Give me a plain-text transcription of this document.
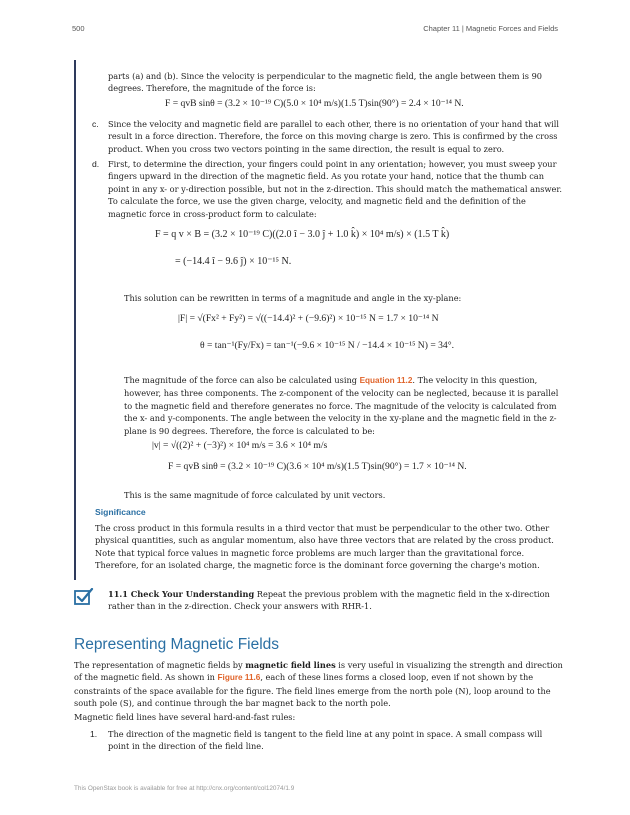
500	Chapter 11 | Magnetic Forces and Fields
parts (a) and (b). Since the velocity is perpendicular to the magnetic field, the angle between them is 90 degrees. Therefore, the magnitude of the force is:
F = qvB sinθ = (3.2 × 10⁻¹⁹ C)(5.0 × 10⁴ m/s)(1.5 T)sin(90°) = 2.4 × 10⁻¹⁴ N.
c. Since the velocity and magnetic field are parallel to each other, there is no orientation of your hand that will result in a force direction. Therefore, the force on this moving charge is zero. This is confirmed by the cross product. When you cross two vectors pointing in the same direction, the result is equal to zero.
d. First, to determine the direction, your fingers could point in any orientation; however, you must sweep your fingers upward in the direction of the magnetic field. As you rotate your hand, notice that the thumb can point in any x- or y-direction possible, but not in the z-direction. This should match the mathematical answer. To calculate the force, we use the given charge, velocity, and magnetic field and the definition of the magnetic force in cross-product form to calculate:
F = q v × B = (3.2 × 10⁻¹⁹ C)((2.0 î − 3.0 ĵ + 1.0 k̂) × 10⁴ m/s) × (1.5 T k̂)
= (−14.4 î − 9.6 ĵ) × 10⁻¹⁵ N.
This solution can be rewritten in terms of a magnitude and angle in the xy-plane:
|F| = √(Fx² + Fy²) = √((−14.4)² + (−9.6)²) × 10⁻¹⁵ N = 1.7 × 10⁻¹⁴ N
θ = tan⁻¹(Fy/Fx) = tan⁻¹(−9.6 × 10⁻¹⁵ N / −14.4 × 10⁻¹⁵ N) = 34°.
The magnitude of the force can also be calculated using Equation 11.2. The velocity in this question, however, has three components. The z-component of the velocity can be neglected, because it is parallel to the magnetic field and therefore generates no force. The magnitude of the velocity is calculated from the x- and y-components. The angle between the velocity in the xy-plane and the magnetic field in the z-plane is 90 degrees. Therefore, the force is calculated to be:
|v| = √((2)² + (−3)²) × 10⁴ m/s = 3.6 × 10⁴ m/s
F = qvB sinθ = (3.2 × 10⁻¹⁹ C)(3.6 × 10⁴ m/s)(1.5 T)sin(90°) = 1.7 × 10⁻¹⁴ N.
This is the same magnitude of force calculated by unit vectors.
Significance
The cross product in this formula results in a third vector that must be perpendicular to the other two. Other physical quantities, such as angular momentum, also have three vectors that are related by the cross product. Note that typical force values in magnetic force problems are much larger than the gravitational force. Therefore, for an isolated charge, the magnetic force is the dominant force governing the charge's motion.
11.1 Check Your Understanding Repeat the previous problem with the magnetic field in the x-direction rather than in the z-direction. Check your answers with RHR-1.
Representing Magnetic Fields
The representation of magnetic fields by magnetic field lines is very useful in visualizing the strength and direction of the magnetic field. As shown in Figure 11.6, each of these lines forms a closed loop, even if not shown by the constraints of the space available for the figure. The field lines emerge from the north pole (N), loop around to the south pole (S), and continue through the bar magnet back to the north pole.
Magnetic field lines have several hard-and-fast rules:
1. The direction of the magnetic field is tangent to the field line at any point in space. A small compass will point in the direction of the field line.
This OpenStax book is available for free at http://cnx.org/content/col12074/1.9
